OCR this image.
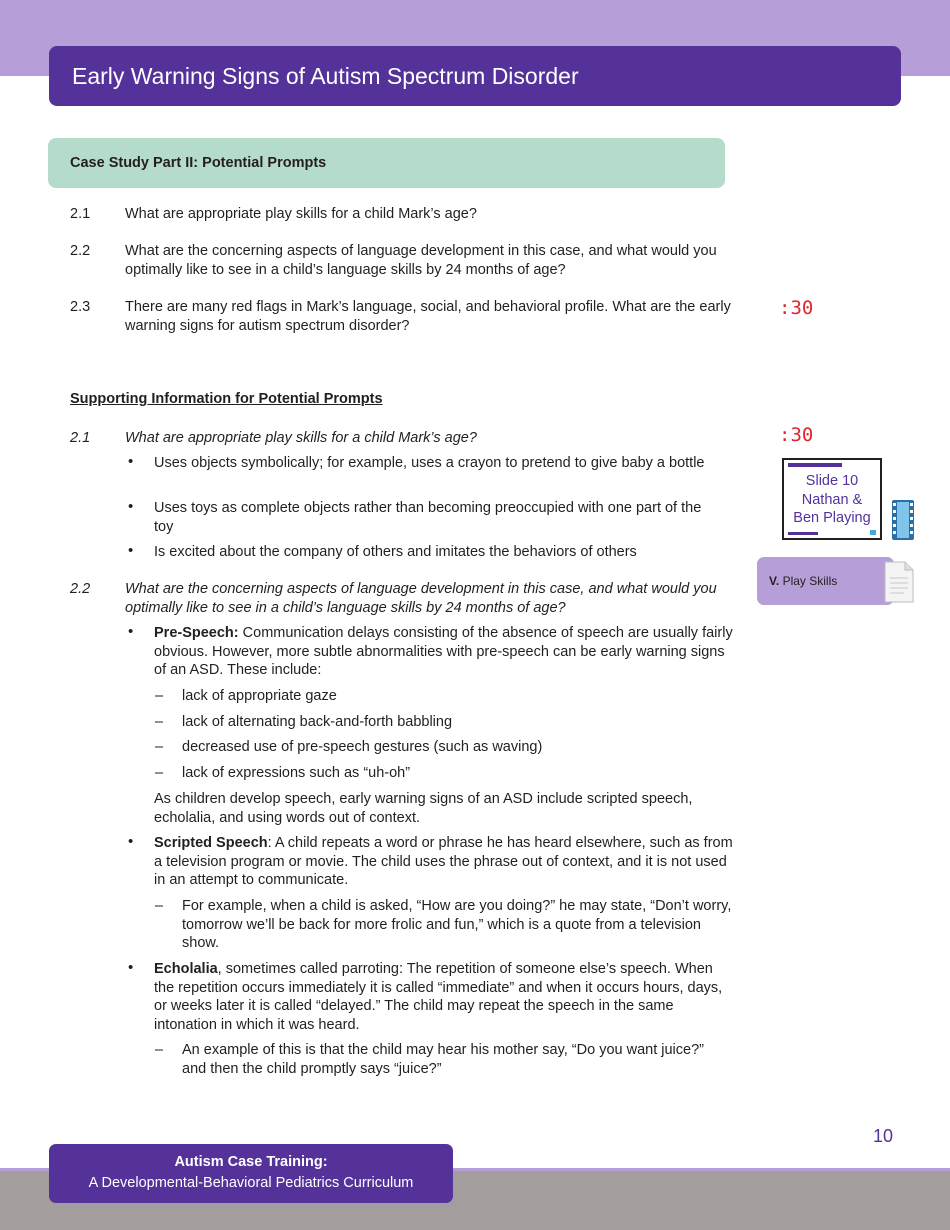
Early Warning Signs of Autism Spectrum Disorder
Case Study Part II: Potential Prompts
2.1 What are appropriate play skills for a child Mark’s age?
2.2 What are the concerning aspects of language development in this case, and what would you optimally like to see in a child’s language skills by 24 months of age?
2.3 There are many red flags in Mark’s language, social, and behavioral profile. What are the early warning signs for autism spectrum disorder?
Supporting Information for Potential Prompts
2.1 What are appropriate play skills for a child Mark’s age?
• Uses objects symbolically; for example, uses a crayon to pretend to give baby a bottle
• Uses toys as complete objects rather than becoming preoccupied with one part of the toy
• Is excited about the company of others and imitates the behaviors of others
2.2 What are the concerning aspects of language development in this case, and what would you optimally like to see in a child’s language skills by 24 months of age?
• Pre-Speech: Communication delays consisting of the absence of speech are usually fairly obvious. However, more subtle abnormalities with pre-speech can be early warning signs of an ASD. These include:
– lack of appropriate gaze
– lack of alternating back-and-forth babbling
– decreased use of pre-speech gestures (such as waving)
– lack of expressions such as “uh-oh”
As children develop speech, early warning signs of an ASD include scripted speech, echolalia, and using words out of context.
• Scripted Speech: A child repeats a word or phrase he has heard elsewhere, such as from a television program or movie. The child uses the phrase out of context, and it is not used in an attempt to communicate.
– For example, when a child is asked, “How are you doing?” he may state, “Don’t worry, tomorrow we’ll be back for more frolic and fun,” which is a quote from a television show.
• Echolalia, sometimes called parroting: The repetition of someone else’s speech. When the repetition occurs immediately it is called “immediate” and when it occurs hours, days, or weeks later it is called “delayed.” The child may repeat the speech in the same intonation in which it was heard.
– An example of this is that the child may hear his mother say, “Do you want juice?” and then the child promptly says “juice?”
:30
:30
Slide 10
Nathan &
Ben Playing
V. Play Skills
10
Autism Case Training:
A Developmental-Behavioral Pediatrics Curriculum
